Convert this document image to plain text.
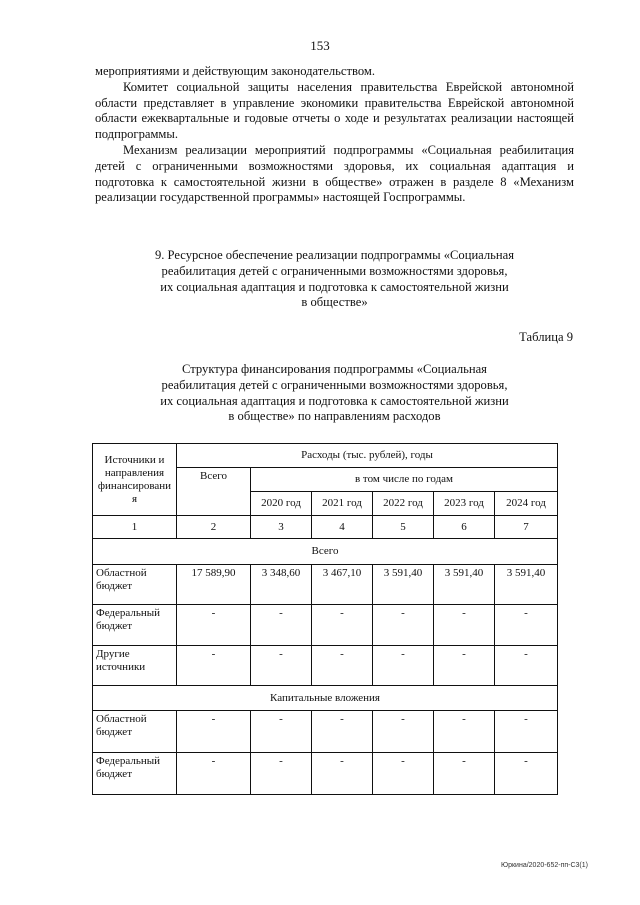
153

мероприятиями и действующим законодательством.

Комитет социальной защиты населения правительства Еврейской автономной области представляет в управление экономики правительства Еврейской автономной области ежеквартальные и годовые отчеты о ходе и результатах реализации настоящей подпрограммы.

Механизм реализации мероприятий подпрограммы «Социальная реабилитация детей с ограниченными возможностями здоровья, их социальная адаптация и подготовка к самостоятельной жизни в обществе» отражен в разделе 8 «Механизм реализации государственной программы» настоящей Госпрограммы.

9. Ресурсное обеспечение реализации подпрограммы «Социальная
реабилитация детей с ограниченными возможностями здоровья,
их социальная адаптация и подготовка к самостоятельной жизни
в обществе»
Таблица 9
Структура финансирования подпрограммы «Социальная
реабилитация детей с ограниченными возможностями здоровья,
их социальная адаптация и подготовка к самостоятельной жизни
в обществе» по направлениям расходов
Источники и направления финансировани я	Расходы (тыс. рублей), годы					
	Всего	в том числе по годам				
		2020 год	2021 год	2022 год	2023 год	2024 год
1	2	3	4	5	6	7
Всего						
Областной бюджет	17 589,90	3 348,60	3 467,10	3 591,40	3 591,40	3 591,40
Федеральный бюджет	-	-	-	-	-	-
Другие источники	-	-	-	-	-	-
Капитальные вложения						
Областной бюджет	-	-	-	-	-	-
Федеральный бюджет	-	-	-	-	-	-
Юркина/2020-652-пп-С3(1)
